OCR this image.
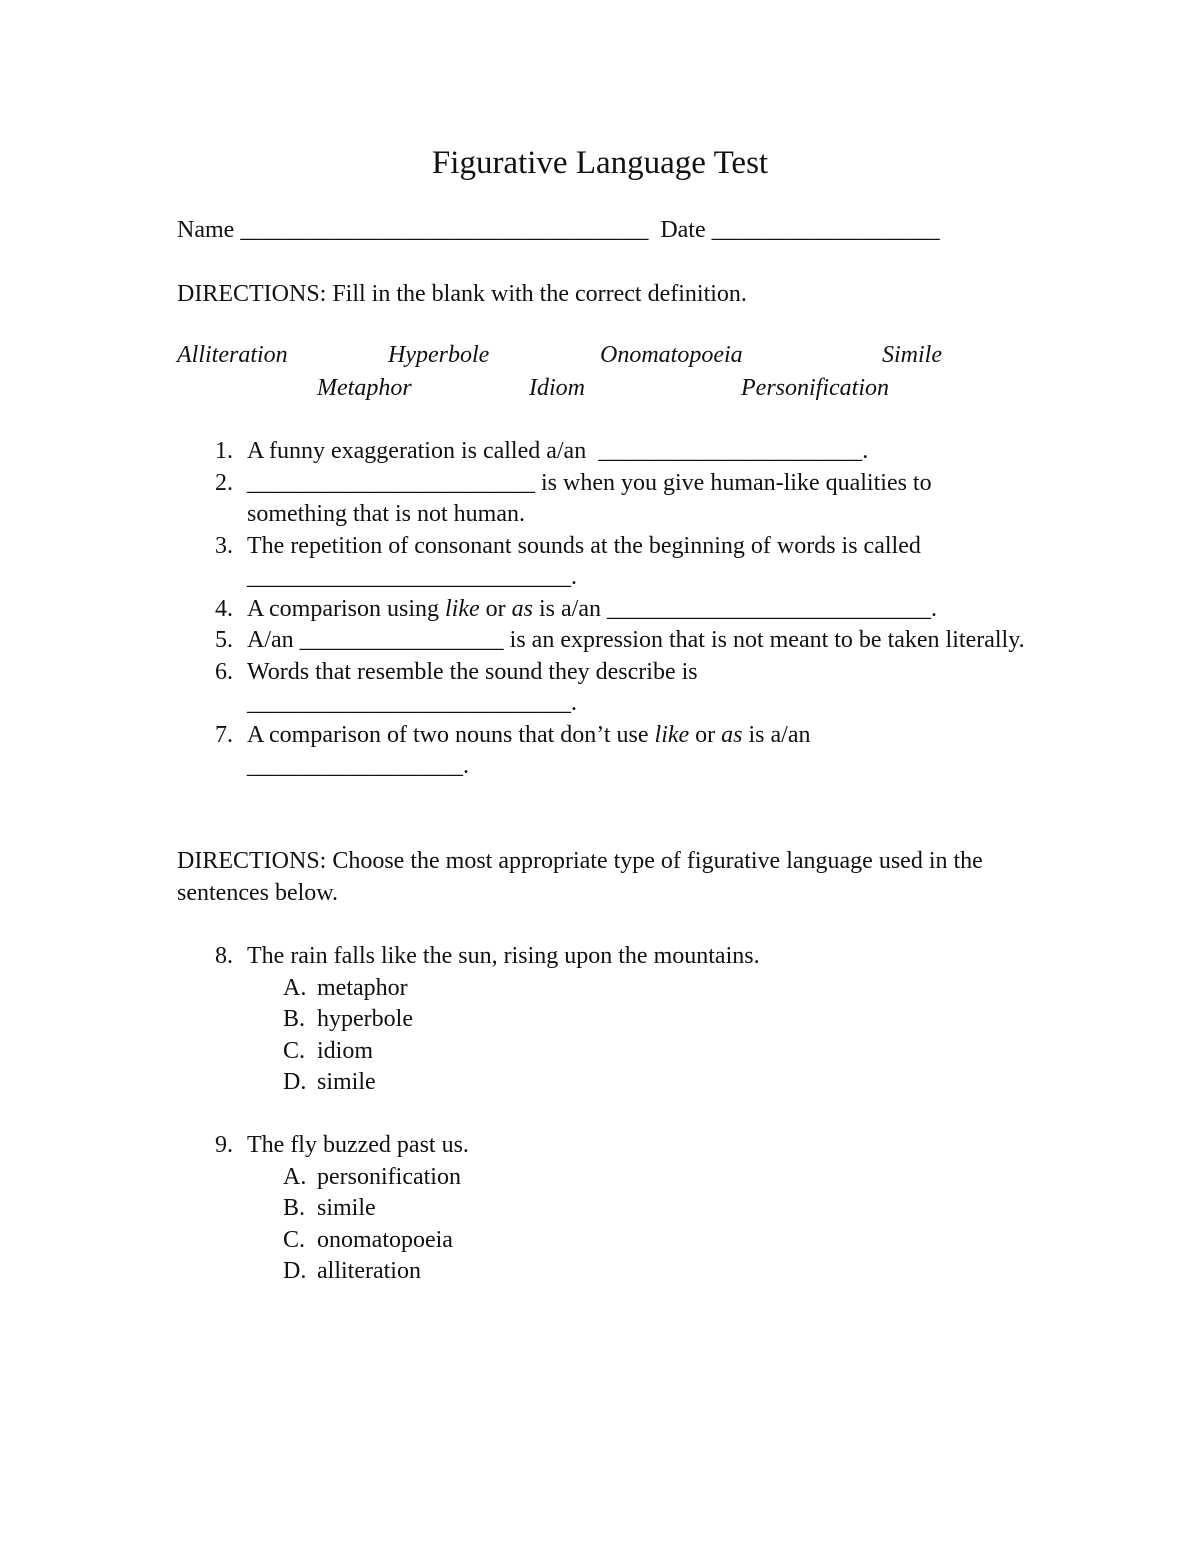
Figurative Language Test
Name __________________________________ Date ___________________
DIRECTIONS: Fill in the blank with the correct definition.
Alliteration	Hyperbole	Onomatopoeia	Simile
Metaphor	Idiom	Personification
1. A funny exaggeration is called a/an ______________________.
2. ________________________ is when you give human-like qualities to something that is not human.
3. The repetition of consonant sounds at the beginning of words is called
___________________________.
4. A comparison using like or as is a/an ___________________________.
5. A/an _________________ is an expression that is not meant to be taken literally.
6. Words that resemble the sound they describe is
___________________________.
7. A comparison of two nouns that don’t use like or as is a/an
__________________.
DIRECTIONS: Choose the most appropriate type of figurative language used in the sentences below.
8. The rain falls like the sun, rising upon the mountains.
A. metaphor
B. hyperbole
C. idiom
D. simile
9. The fly buzzed past us.
A. personification
B. simile
C. onomatopoeia
D. alliteration
